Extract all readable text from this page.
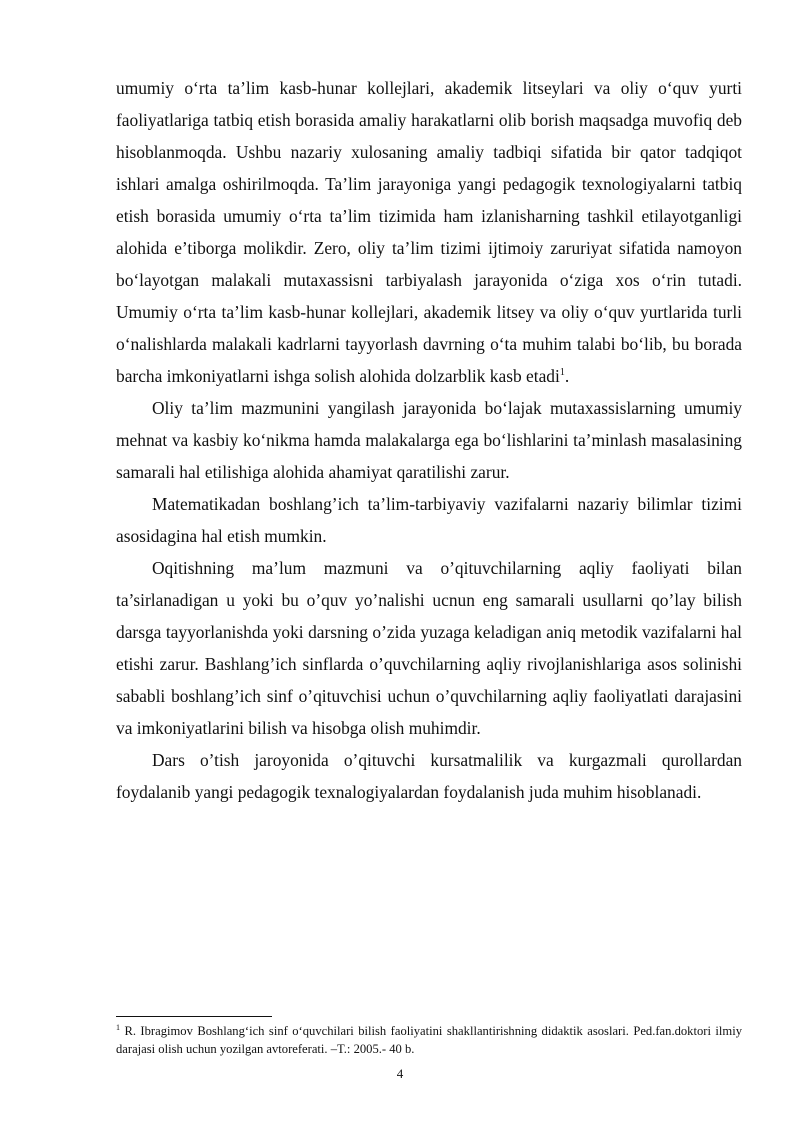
umumiy o‘rta ta’lim kasb-hunar kollejlari, akademik litseylari va oliy o‘quv yurti faoliyatlariga tatbiq etish borasida amaliy harakatlarni olib borish maqsadga muvofiq deb hisoblanmoqda. Ushbu nazariy xulosaning amaliy tadbiqi sifatida bir qator tadqiqot ishlari amalga oshirilmoqda. Ta’lim jarayoniga yangi pedagogik texnologiyalarni tatbiq etish borasida umumiy o‘rta ta’lim tizimida ham izlanisharning tashkil etilayotganligi alohida e’tiborga molikdir. Zero, oliy ta’lim tizimi ijtimoiy zaruriyat sifatida namoyon bo‘layotgan malakali mutaxassisni tarbiyalash jarayonida o‘ziga xos o‘rin tutadi. Umumiy o‘rta ta’lim kasb-hunar kollejlari, akademik litsey va oliy o‘quv yurtlarida turli o‘nalishlarda malakali kadrlarni tayyorlash davrning o‘ta muhim talabi bo‘lib, bu borada barcha imkoniyatlarni ishga solish alohida dolzarblik kasb etadi$^1$.

Oliy ta’lim mazmunini yangilash jarayonida bo‘lajak mutaxassislarning umumiy mehnat va kasbiy ko‘nikma hamda malakalarga ega bo‘lishlarini ta’minlash masalasining samarali hal etilishiga alohida ahamiyat qaratilishi zarur.

Matematikadan boshlang’ich ta’lim-tarbiyaviy vazifalarni nazariy bilimlar tizimi asosidagina hal etish mumkin.

Oqitishning ma’lum mazmuni va o’qituvchilarning aqliy faoliyati bilan ta’sirlanadigan u yoki bu o’quv yo’nalishi ucnun eng samarali usullarni qo’lay bilish darsga tayyorlanishda yoki darsning o’zida yuzaga keladigan aniq metodik vazifalarni hal etishi zarur. Bashlang’ich sinflarda o’quvchilarning aqliy rivojlanishlariga asos solinishi sababli boshlang’ich sinf o’qituvchisi uchun o’quvchilarning aqliy faoliyatlati darajasini va imkoniyatlarini bilish va hisobga olish muhimdir.

Dars o’tish jaroyonida o’qituvchi kursatmalilik va kurgazmali qurollardan foydalanib yangi pedagogik texnalogiyalardan foydalanish juda muhim hisoblanadi.

$^1$ R. Ibragimov Boshlang‘ich sinf o‘quvchilari bilish faoliyatini shakllantirishning didaktik asoslari. Ped.fan.doktori ilmiy darajasi olish uchun yozilgan avtoreferati. –T.: 2005.- 40 b.
4
